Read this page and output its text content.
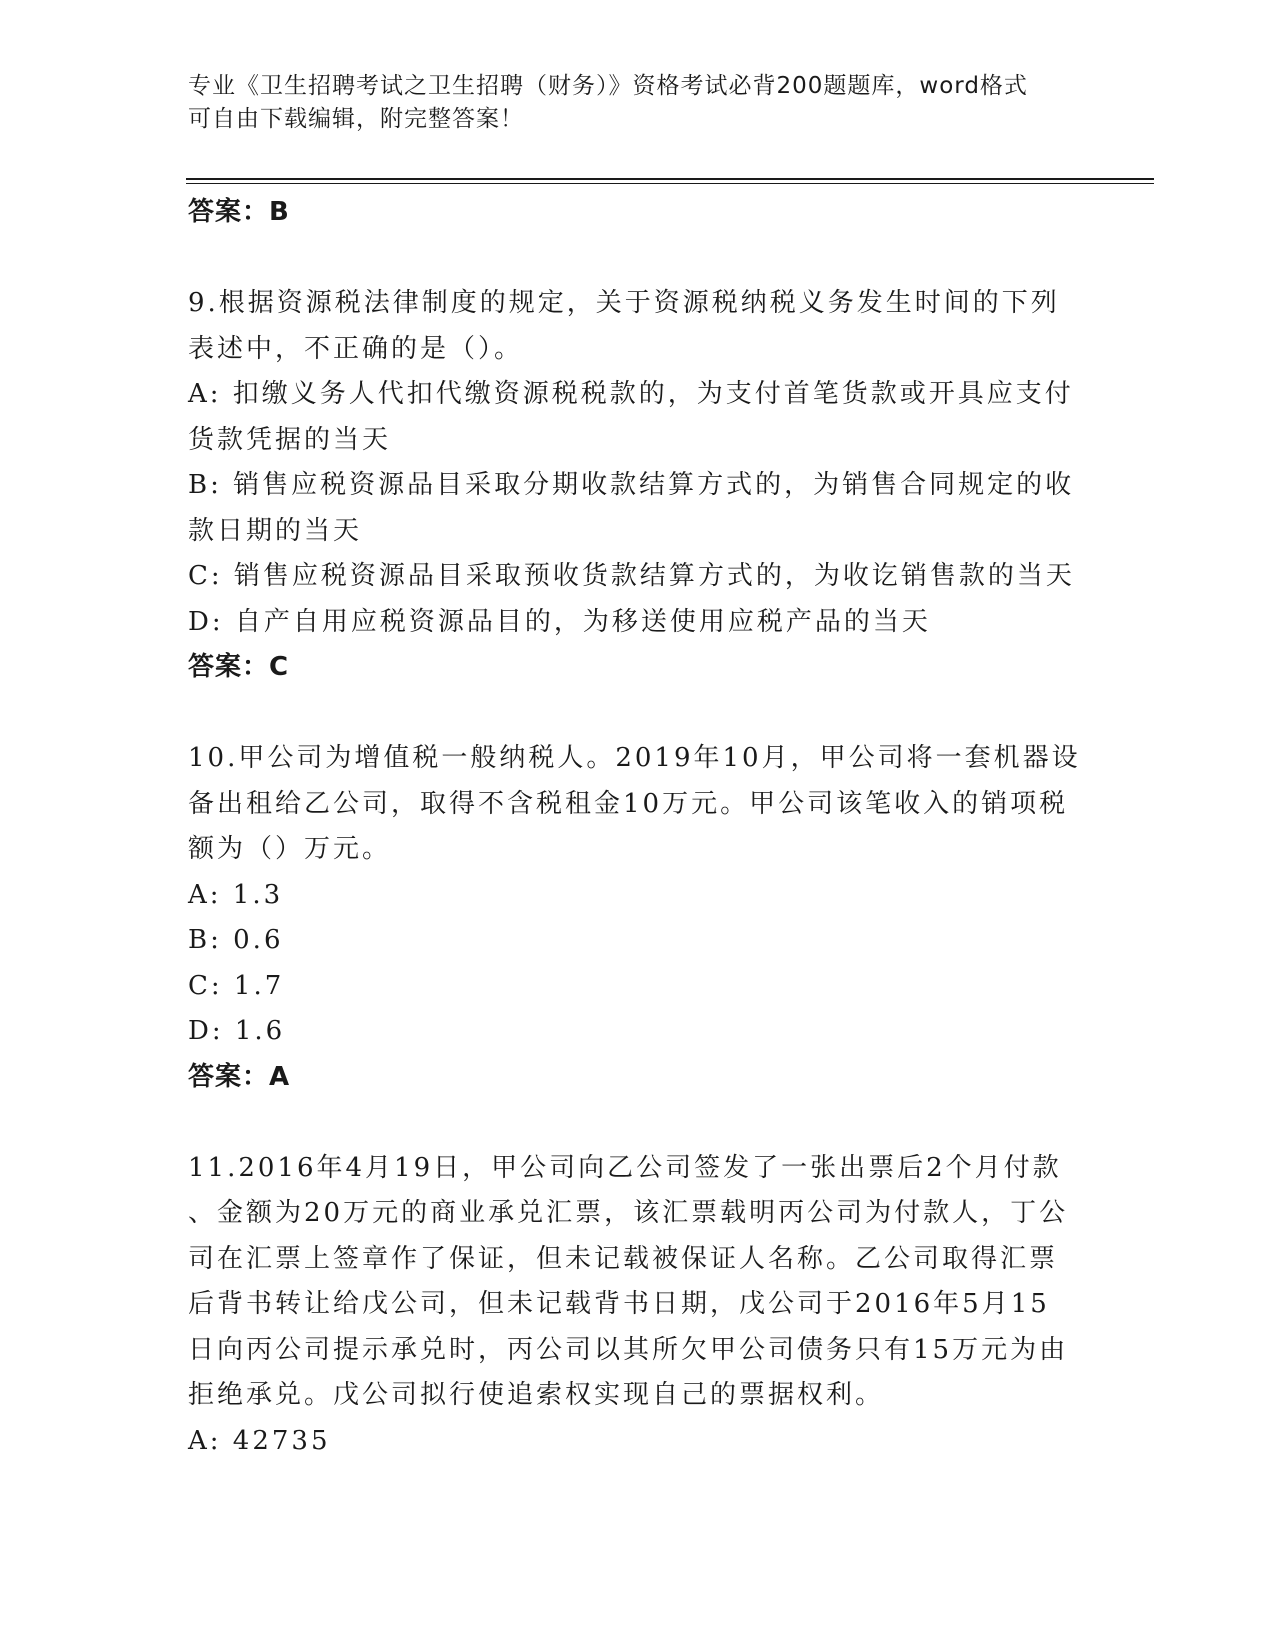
专业《卫生招聘考试之卫生招聘（财务）》资格考试必背200题题库，word格式
可自由下载编辑，附完整答案！
答案：B
9.根据资源税法律制度的规定，关于资源税纳税义务发生时间的下列
表述中，不正确的是（）。
A: 扣缴义务人代扣代缴资源税税款的，为支付首笔货款或开具应支付
货款凭据的当天
B: 销售应税资源品目采取分期收款结算方式的，为销售合同规定的收
款日期的当天
C: 销售应税资源品目采取预收货款结算方式的，为收讫销售款的当天
D: 自产自用应税资源品目的，为移送使用应税产品的当天
答案：C
10.甲公司为增值税一般纳税人。2019年10月，甲公司将一套机器设
备出租给乙公司，取得不含税租金10万元。甲公司该笔收入的销项税
额为（）万元。
A: 1.3
B: 0.6
C: 1.7
D: 1.6
答案：A
11.2016年4月19日，甲公司向乙公司签发了一张出票后2个月付款
、金额为20万元的商业承兑汇票，该汇票载明丙公司为付款人，丁公
司在汇票上签章作了保证，但未记载被保证人名称。乙公司取得汇票
后背书转让给戊公司，但未记载背书日期，戊公司于2016年5月15
日向丙公司提示承兑时，丙公司以其所欠甲公司债务只有15万元为由
拒绝承兑。戊公司拟行使追索权实现自己的票据权利。
A: 42735
